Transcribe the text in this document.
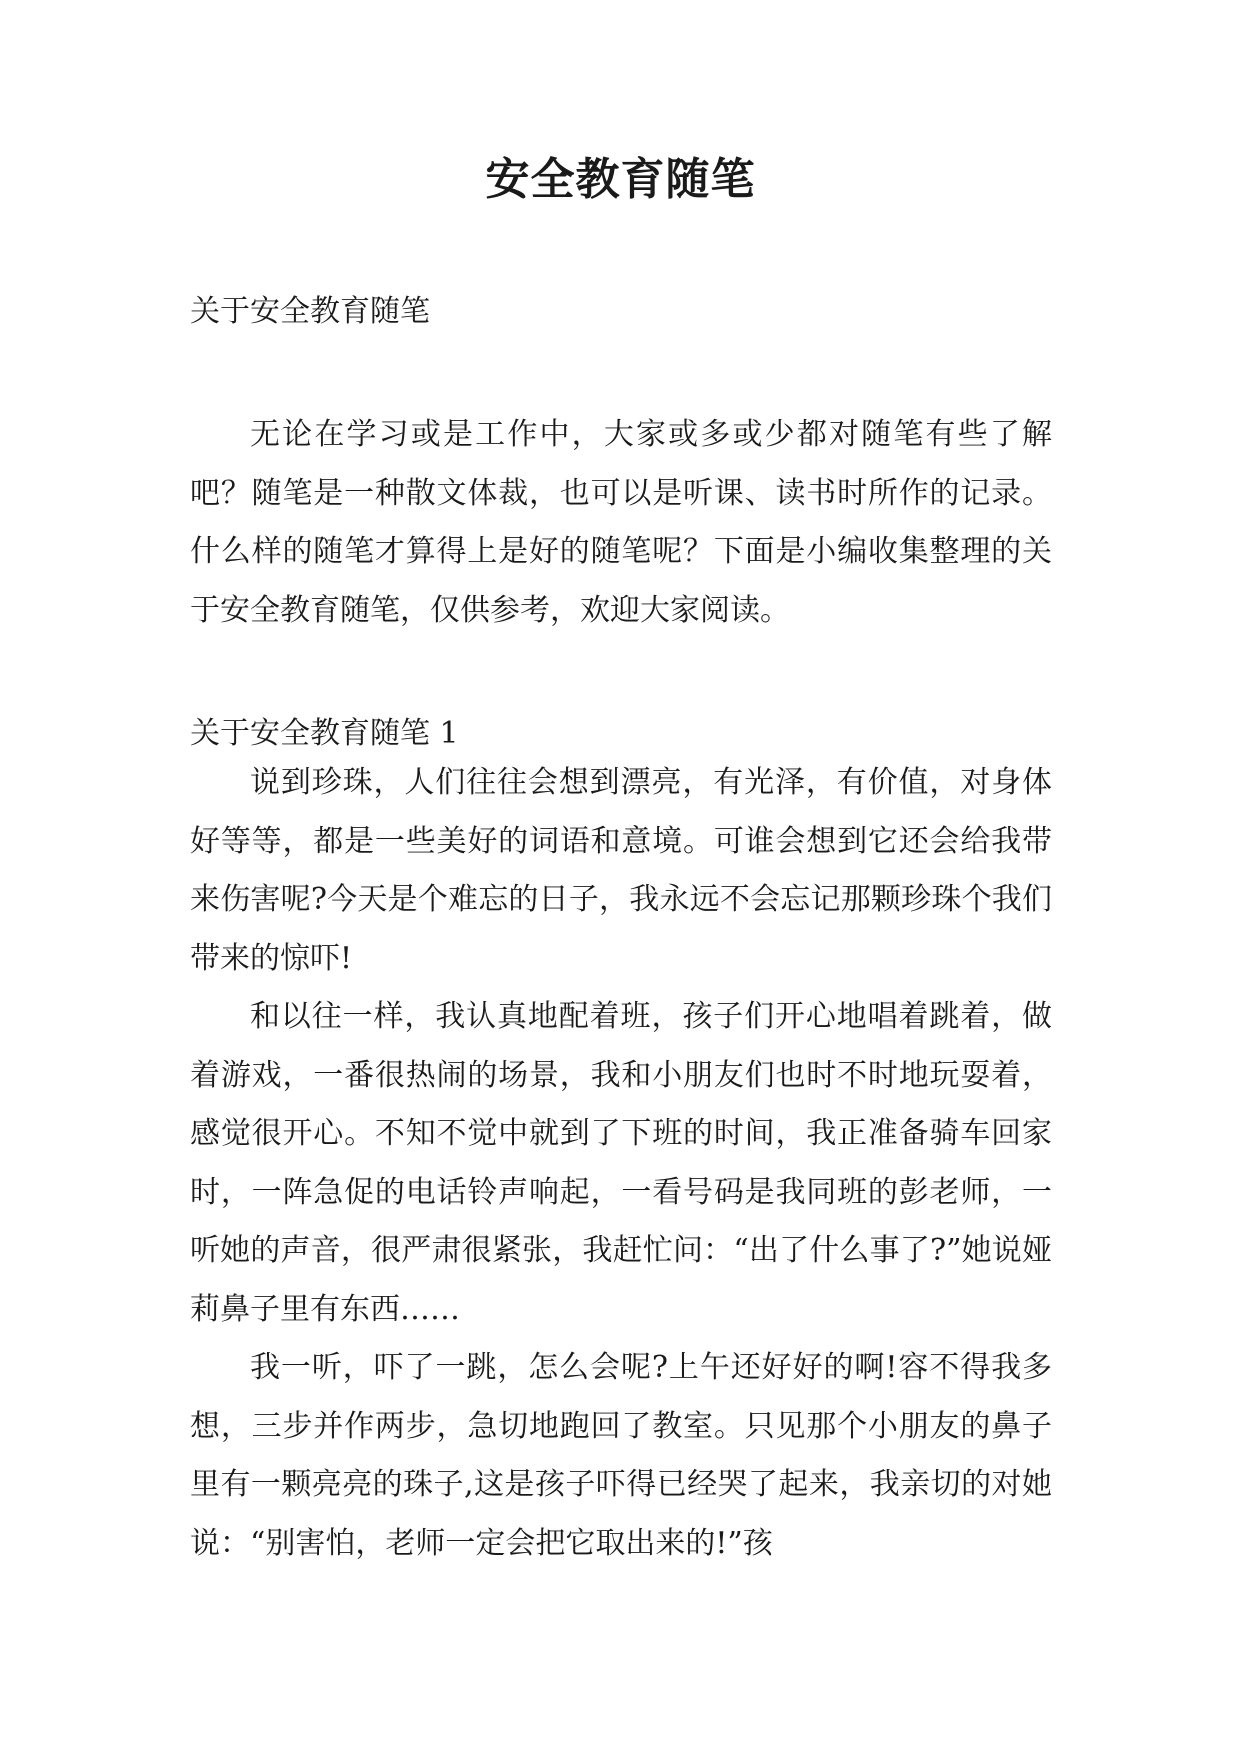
安全教育随笔

关于安全教育随笔

无论在学习或是工作中，大家或多或少都对随笔有些了解吧？随笔是一种散文体裁，也可以是听课、读书时所作的记录。什么样的随笔才算得上是好的随笔呢？下面是小编收集整理的关于安全教育随笔，仅供参考，欢迎大家阅读。

关于安全教育随笔 1

说到珍珠，人们往往会想到漂亮，有光泽，有价值，对身体好等等，都是一些美好的词语和意境。可谁会想到它还会给我带来伤害呢?今天是个难忘的日子，我永远不会忘记那颗珍珠个我们带来的惊吓!

和以往一样，我认真地配着班，孩子们开心地唱着跳着，做着游戏，一番很热闹的场景，我和小朋友们也时不时地玩耍着，感觉很开心。不知不觉中就到了下班的时间，我正准备骑车回家时，一阵急促的电话铃声响起，一看号码是我同班的彭老师，一听她的声音，很严肃很紧张，我赶忙问：“出了什么事了?”她说娅莉鼻子里有东西……

我一听，吓了一跳，怎么会呢?上午还好好的啊!容不得我多想，三步并作两步，急切地跑回了教室。只见那个小朋友的鼻子里有一颗亮亮的珠子,这是孩子吓得已经哭了起来，我亲切的对她说：“别害怕，老师一定会把它取出来的!”孩
